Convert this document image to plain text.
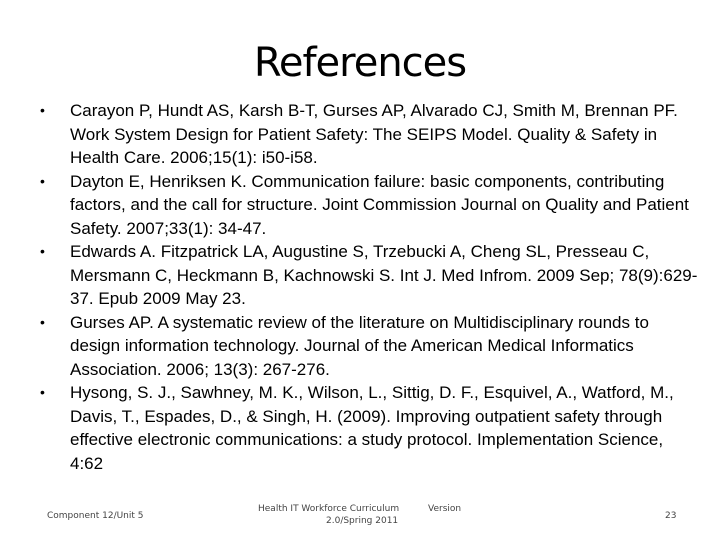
References
• Carayon P, Hundt AS, Karsh B-T, Gurses AP, Alvarado CJ, Smith M, Brennan PF. Work System Design for Patient Safety: The SEIPS Model. Quality & Safety in Health Care. 2006;15(1): i50-i58.
• Dayton E, Henriksen K. Communication failure: basic components, contributing factors, and the call for structure. Joint Commission Journal on Quality and Patient Safety. 2007;33(1): 34-47.
• Edwards A. Fitzpatrick LA, Augustine S, Trzebucki A, Cheng SL, Presseau C, Mersmann C, Heckmann B, Kachnowski S. Int J. Med Infrom. 2009 Sep; 78(9):629-37. Epub 2009 May 23.
• Gurses AP. A systematic review of the literature on Multidisciplinary rounds to design information technology. Journal of the American Medical Informatics Association. 2006; 13(3): 267-276.
• Hysong, S. J., Sawhney, M. K., Wilson, L., Sittig, D. F., Esquivel, A., Watford, M., Davis, T., Espades, D., & Singh, H. (2009). Improving outpatient safety through effective electronic communications: a study protocol. Implementation Science, 4:62
Component 12/Unit 5
Health IT Workforce Curriculum
2.0/Spring 2011
Version
23
